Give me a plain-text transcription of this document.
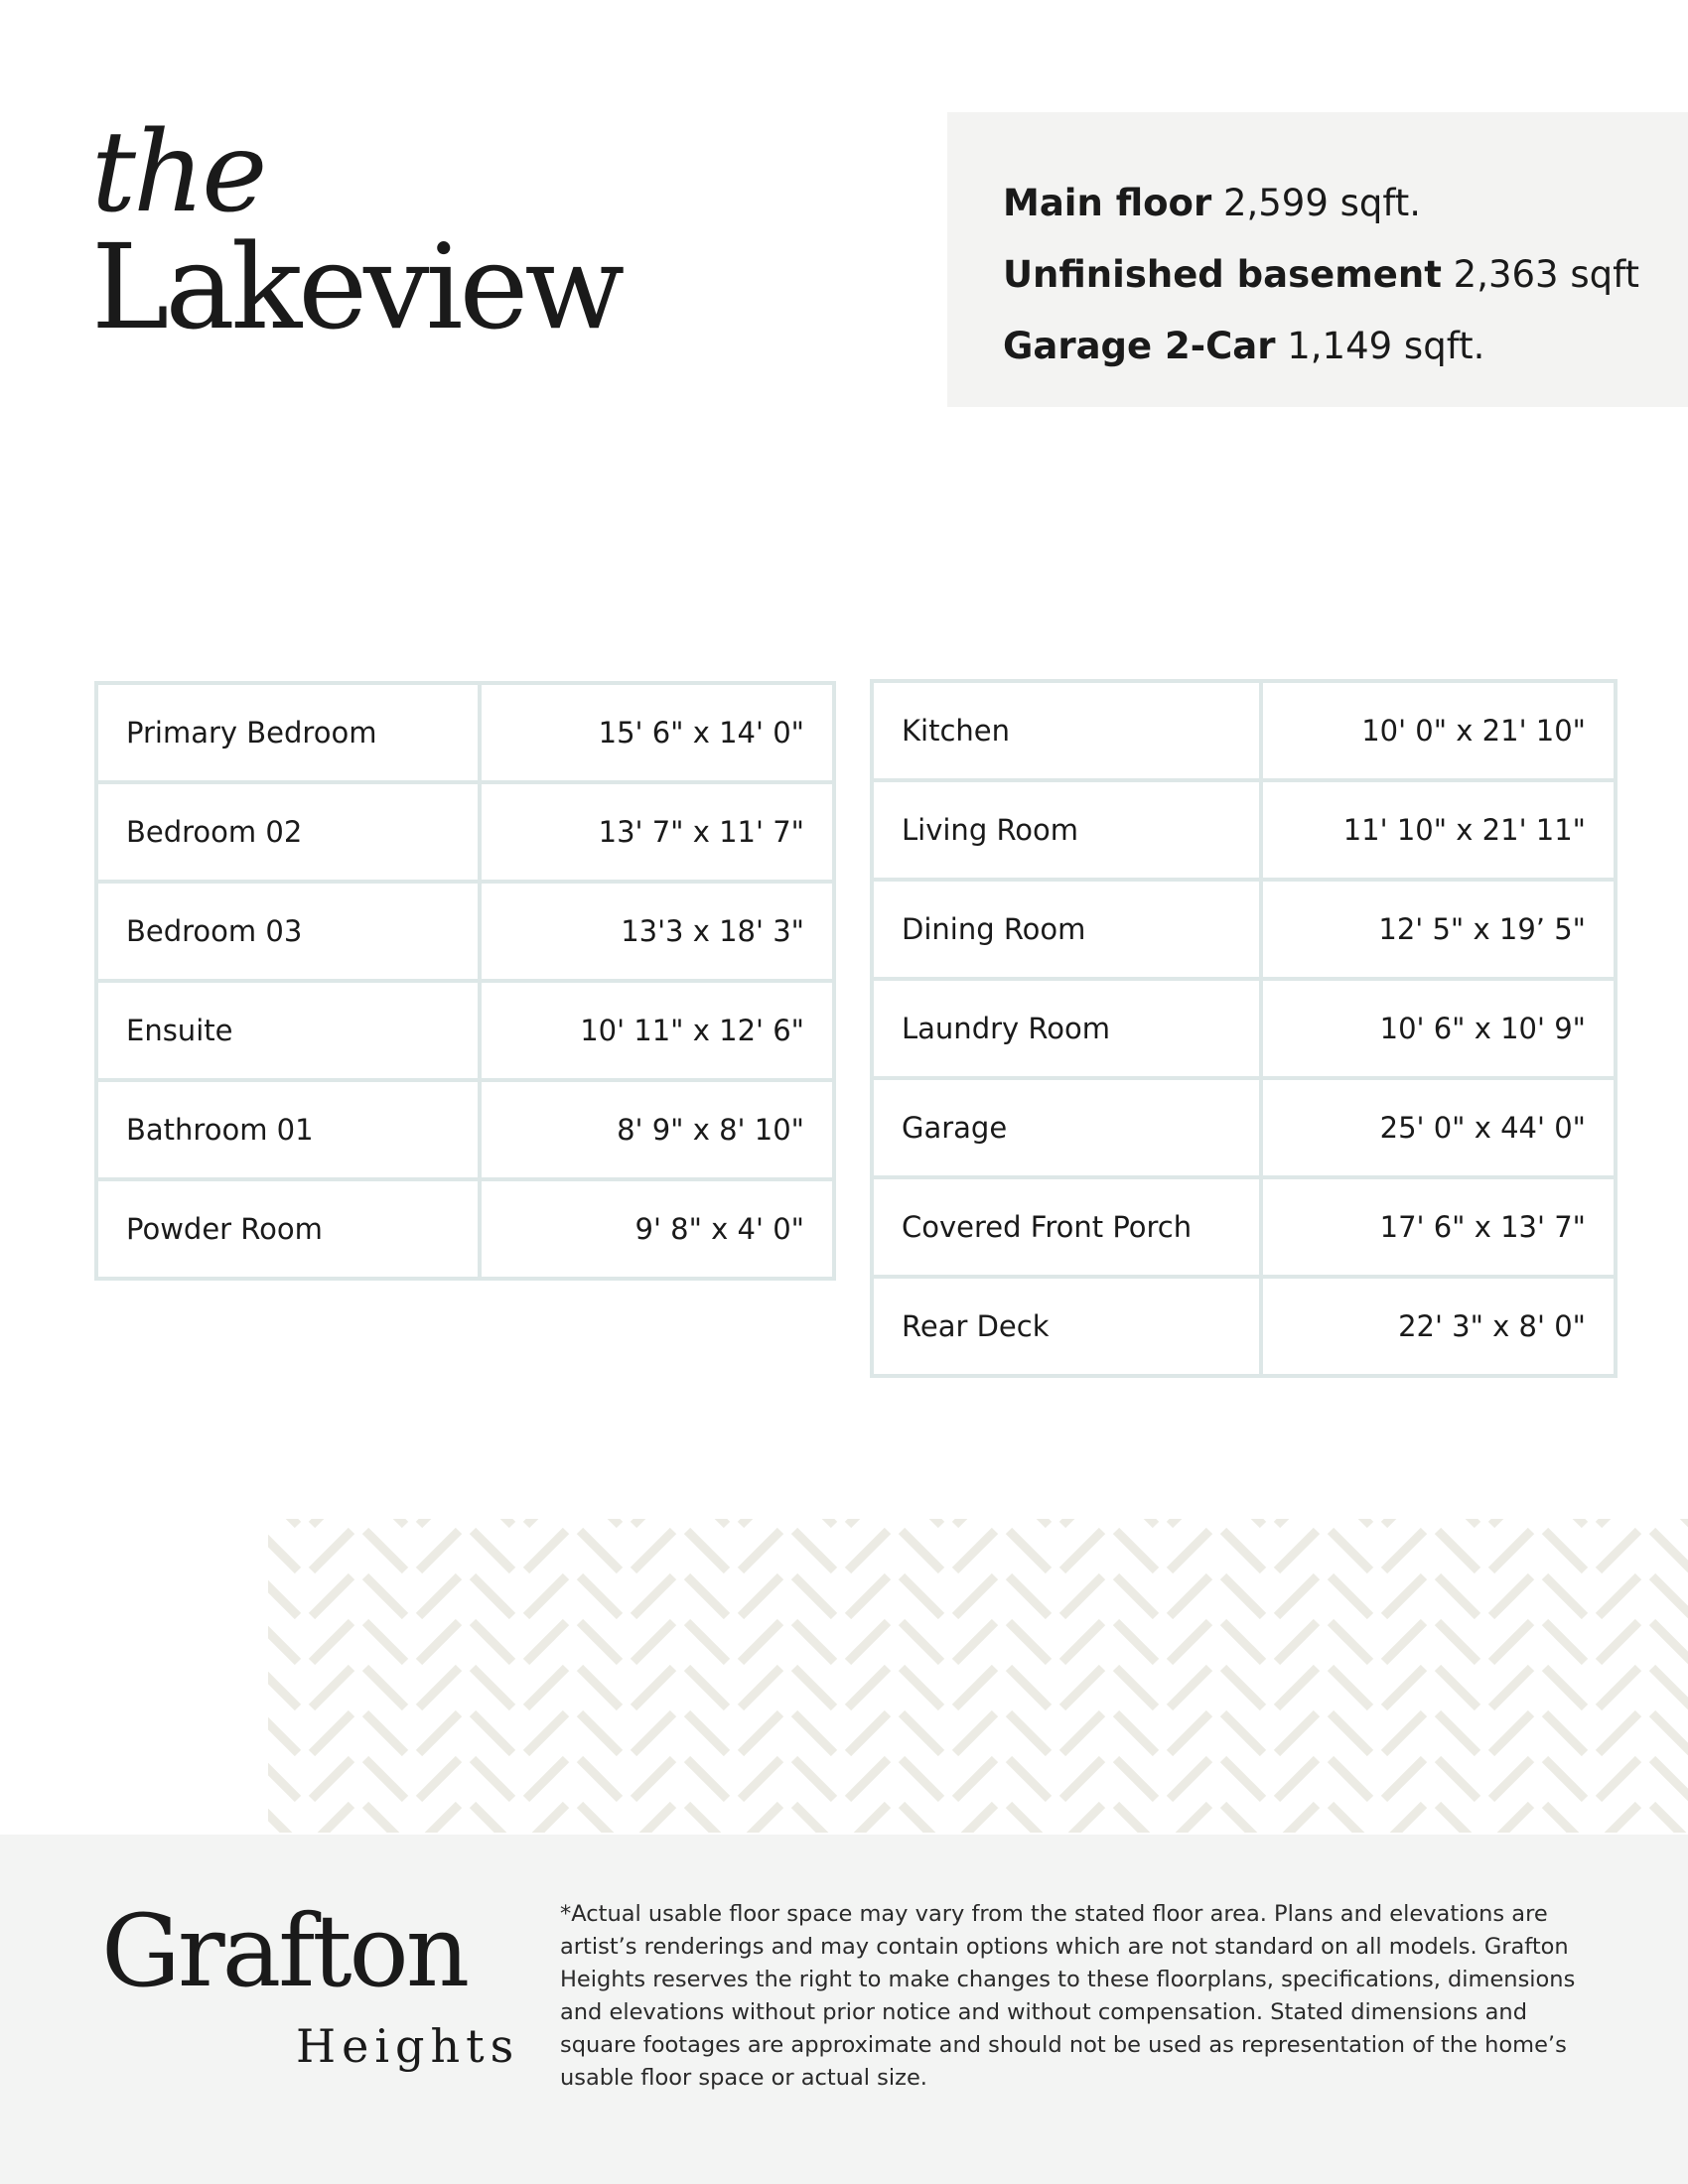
the
Lakeview
Main floor 2,599 sqft.
Unfinished basement 2,363 sqft
Garage 2-Car 1,149 sqft.
Primary Bedroom	15' 6" x 14' 0"
Bedroom 02	13' 7" x 11' 7"
Bedroom 03	13'3 x 18' 3"
Ensuite	10' 11" x 12' 6"
Bathroom 01	8' 9" x 8' 10"
Powder Room	9' 8" x 4' 0"
Kitchen	10' 0" x 21' 10"
Living Room	11' 10" x 21' 11"
Dining Room	12' 5" x 19’ 5"
Laundry Room	10' 6" x 10' 9"
Garage	25' 0" x 44' 0"
Covered Front Porch	17' 6" x 13' 7"
Rear Deck	22' 3" x 8' 0"
Grafton
Heights
*Actual usable floor space may vary from the stated floor area. Plans and elevations are artist’s renderings and may contain options which are not standard on all models. Grafton Heights reserves the right to make changes to these floorplans, specifications, dimensions and elevations without prior notice and without compensation. Stated dimensions and square footages are approximate and should not be used as representation of the home’s usable floor space or actual size.
